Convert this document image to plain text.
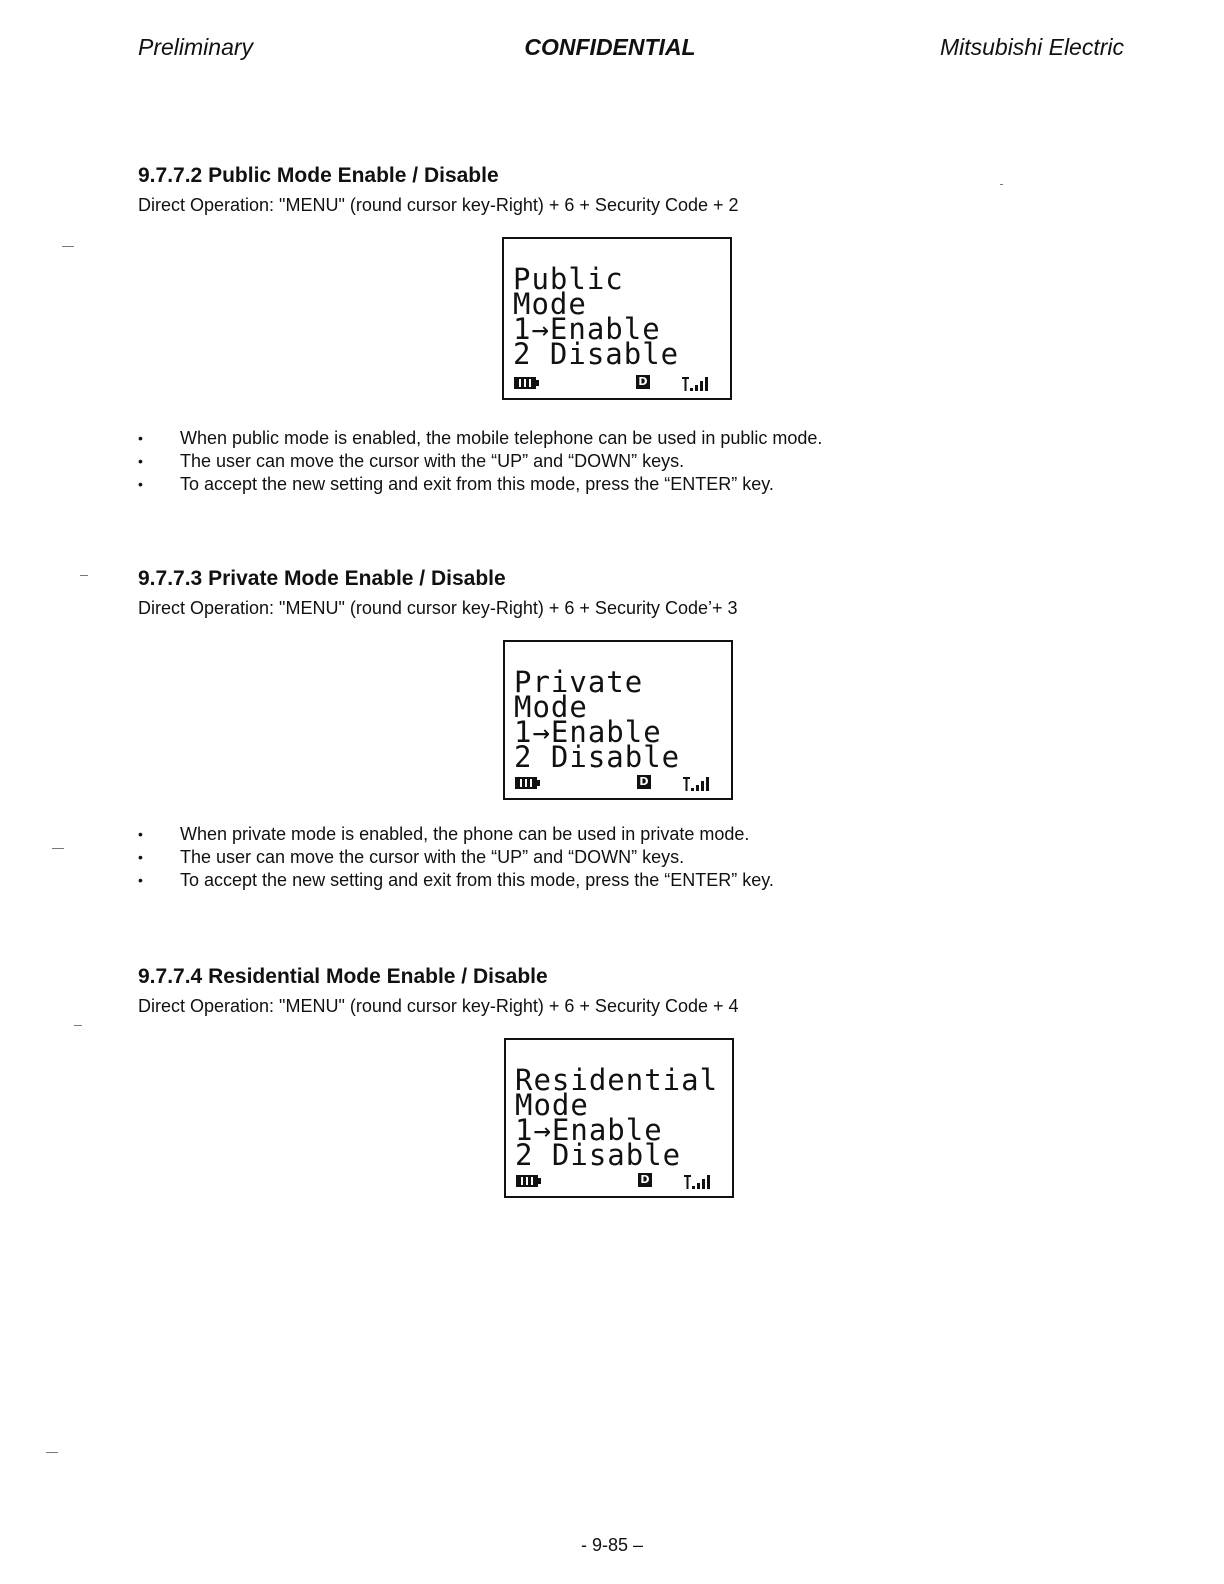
Preliminary	CONFIDENTIAL	Mitsubishi Electric
9.7.7.2 Public Mode Enable / Disable
Direct Operation: "MENU" (round cursor key-Right) + 6 + Security Code + 2
Public
Mode
1→Enable
2 Disable
D
• When public mode is enabled, the mobile telephone can be used in public mode.
• The user can move the cursor with the “UP” and “DOWN” keys.
• To accept the new setting and exit from this mode, press the “ENTER” key.
9.7.7.3 Private Mode Enable / Disable
Direct Operation: "MENU" (round cursor key-Right) + 6 + Security Code’+ 3
Private
Mode
1→Enable
2 Disable
D
• When private mode is enabled, the phone can be used in private mode.
• The user can move the cursor with the “UP” and “DOWN” keys.
• To accept the new setting and exit from this mode, press the “ENTER” key.
9.7.7.4 Residential Mode Enable / Disable
Direct Operation: "MENU" (round cursor key-Right) + 6 + Security Code + 4
Residential
Mode
1→Enable
2 Disable
D
- 9-85 –
